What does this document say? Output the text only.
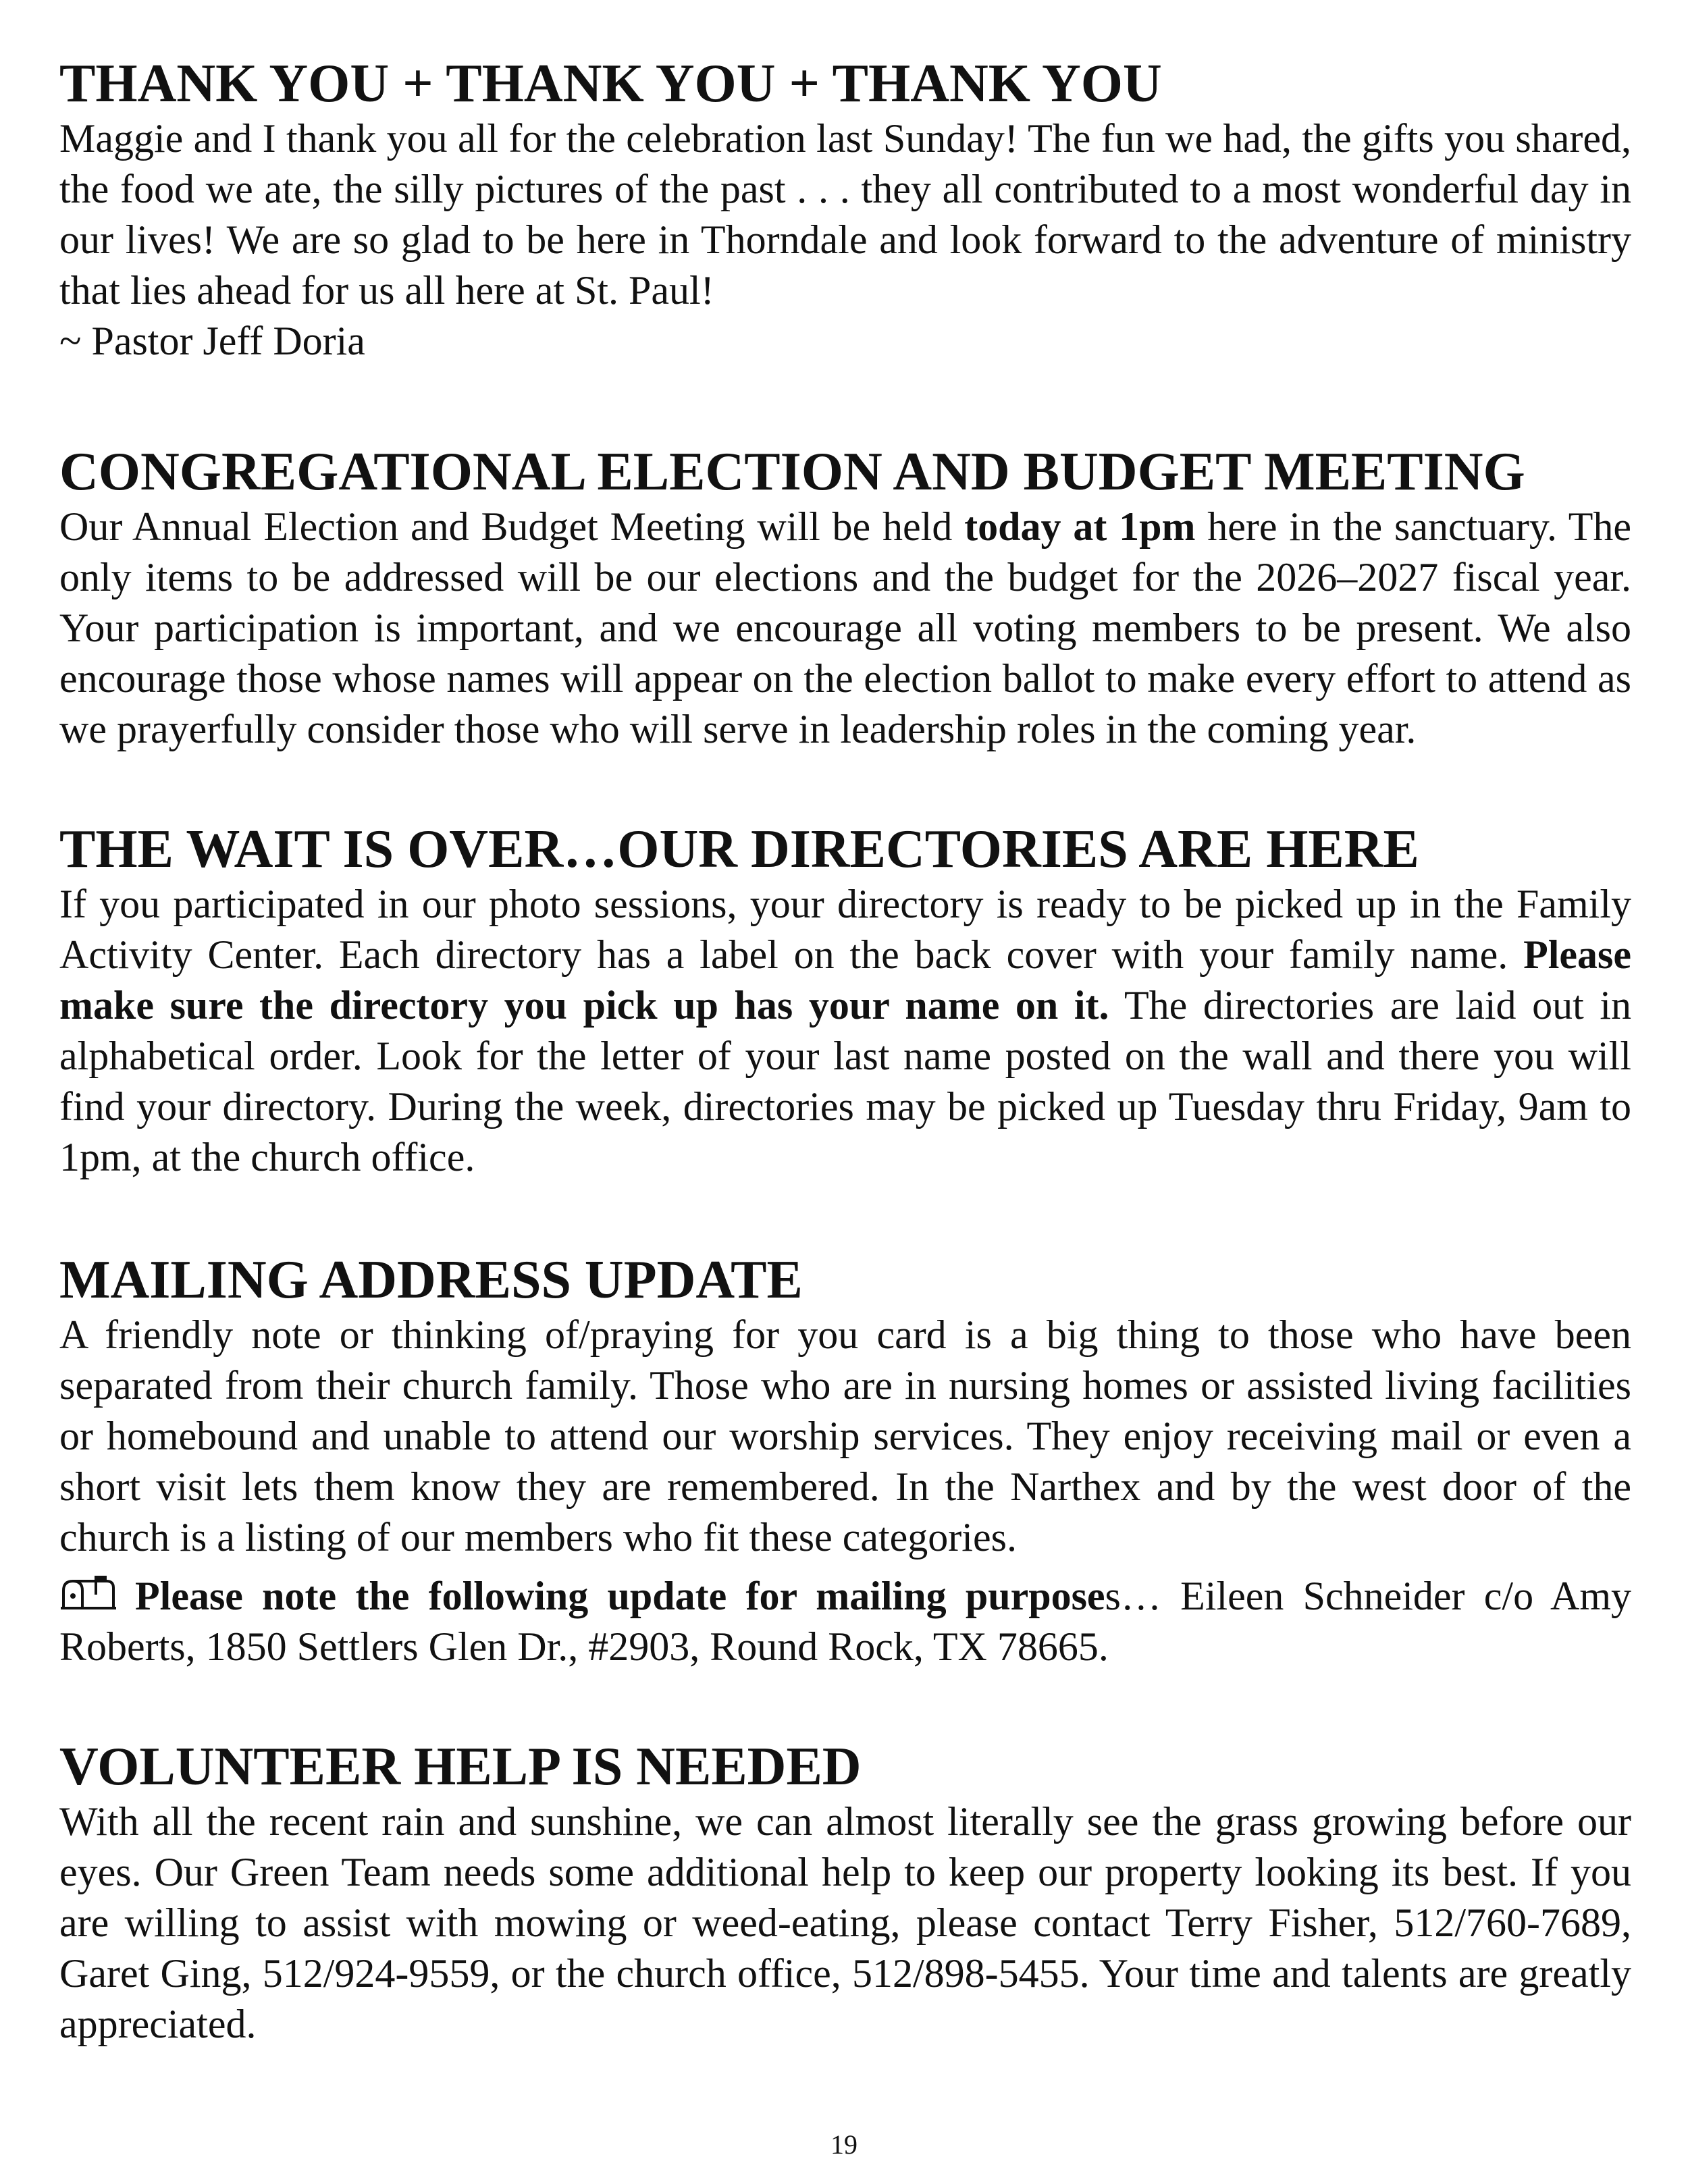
THANK YOU + THANK YOU + THANK YOU

Maggie and I thank you all for the celebration last Sunday! The fun we had, the gifts you shared, the food we ate, the silly pictures of the past . . . they all contributed to a most wonderful day in our lives! We are so glad to be here in Thorndale and look forward to the adventure of ministry that lies ahead for us all here at St. Paul!

~ Pastor Jeff Doria

CONGREGATIONAL ELECTION AND BUDGET MEETING

Our Annual Election and Budget Meeting will be held today at 1pm here in the sanctuary. The only items to be addressed will be our elections and the budget for the 2026–2027 fiscal year. Your participation is important, and we encourage all voting members to be present. We also encourage those whose names will appear on the election ballot to make every effort to attend as we prayerfully consider those who will serve in leadership roles in the coming year.

THE WAIT IS OVER…OUR DIRECTORIES ARE HERE

If you participated in our photo sessions, your directory is ready to be picked up in the Family Activity Center. Each directory has a label on the back cover with your family name. Please make sure the directory you pick up has your name on it. The directories are laid out in alphabetical order. Look for the letter of your last name posted on the wall and there you will find your directory. During the week, directories may be picked up Tuesday thru Friday, 9am to 1pm, at the church office.

MAILING ADDRESS UPDATE

A friendly note or thinking of/praying for you card is a big thing to those who have been separated from their church family. Those who are in nursing homes or assisted living facilities or homebound and unable to attend our worship services. They enjoy receiving mail or even a short visit lets them know they are remembered. In the Narthex and by the west door of the church is a listing of our members who fit these categories.

Please note the following update for mailing purposes… Eileen Schneider c/o Amy Roberts, 1850 Settlers Glen Dr., #2903, Round Rock, TX 78665.

VOLUNTEER HELP IS NEEDED

With all the recent rain and sunshine, we can almost literally see the grass growing before our eyes. Our Green Team needs some additional help to keep our property looking its best. If you are willing to assist with mowing or weed-eating, please contact Terry Fisher, 512/760-7689, Garet Ging, 512/924-9559, or the church office, 512/898-5455. Your time and talents are greatly appreciated.

19
